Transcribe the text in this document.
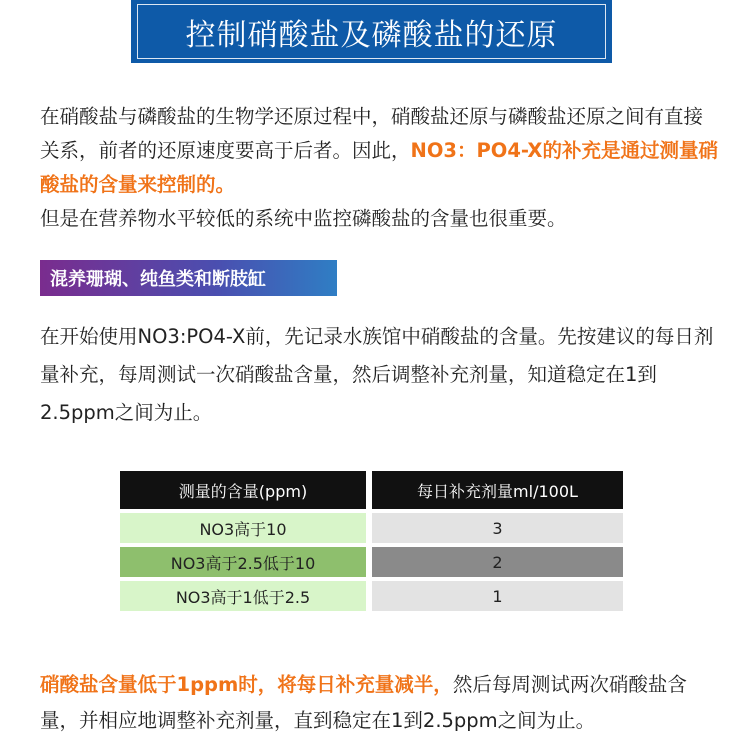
控制硝酸盐及磷酸盐的还原

在硝酸盐与磷酸盐的生物学还原过程中，硝酸盐还原与磷酸盐还原之间有直接关系，前者的还原速度要高于后者。因此，NO3：PO4-X的补充是通过测量硝酸盐的含量来控制的。

但是在营养物水平较低的系统中监控磷酸盐的含量也很重要。

混养珊瑚、纯鱼类和断肢缸

在开始使用NO3:PO4-X前，先记录水族馆中硝酸盐的含量。先按建议的每日剂量补充，每周测试一次硝酸盐含量，然后调整补充剂量，知道稳定在1到2.5ppm之间为止。

测量的含量(ppm)		每日补充剂量ml/100L
NO3高于10		3
NO3高于2.5低于10		2
NO3高于1低于2.5		1

硝酸盐含量低于1ppm时，将每日补充量减半，然后每周测试两次硝酸盐含量，并相应地调整补充剂量，直到稳定在1到2.5ppm之间为止。
